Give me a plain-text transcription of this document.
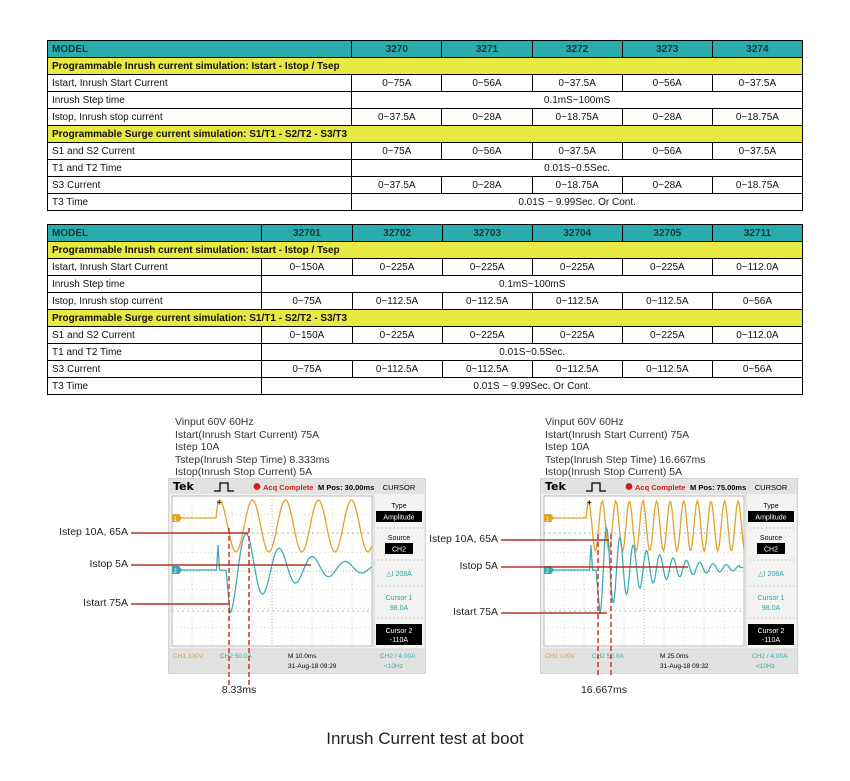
MODEL	3270	3271	3272	3273	3274
Programmable Inrush current simulation: Istart - Istop / Tsep					
Istart, Inrush Start Current	0~75A	0~56A	0~37.5A	0~56A	0~37.5A
Inrush Step time	0.1mS~100mS				
Istop, Inrush stop current	0~37.5A	0~28A	0~18.75A	0~28A	0~18.75A
Programmable Surge current simulation: S1/T1 - S2/T2 - S3/T3					
S1 and S2 Current	0~75A	0~56A	0~37.5A	0~56A	0~37.5A
T1 and T2 Time	0.01S~0.5Sec.				
S3 Current	0~37.5A	0~28A	0~18.75A	0~28A	0~18.75A
T3 Time	0.01S ~ 9.99Sec. Or Cont.				
MODEL	32701	32702	32703	32704	32705	32711
Programmable Inrush current simulation: Istart - Istop / Tsep						
Istart, Inrush Start Current	0~150A	0~225A	0~225A	0~225A	0~225A	0~112.0A
Inrush Step time	0.1mS~100mS					
Istop, Inrush stop current	0~75A	0~112.5A	0~112.5A	0~112.5A	0~112.5A	0~56A
Programmable Surge current simulation: S1/T1 - S2/T2 - S3/T3						
S1 and S2 Current	0~150A	0~225A	0~225A	0~225A	0~225A	0~112.0A
T1 and T2 Time	0.01S~0.5Sec.					
S3 Current	0~75A	0~112.5A	0~112.5A	0~112.5A	0~112.5A	0~56A
T3 Time	0.01S ~ 9.99Sec. Or Cont.					
Vinput 60V 60Hz
Istart(Inrush Start Current) 75A
Istep 10A
Tstep(Inrush Step Time) 8.333ms
Istop(Inrush Stop Current) 5A
Vinput 60V 60Hz
Istart(Inrush Start Current) 75A
Istep 10A
Tstep(Inrush Step Time) 16.667ms
Istop(Inrush Stop Current) 5A
Tek	Acq Complete M Pos: 30.00ms CURSOR
+
1
2
Type
Amplitude
Source
CH2
△I 208A
Cursor 1
98.0A
Cursor 2
-110A
CH1 100V	CH2 50.0A	M 10.0ms
31-Aug-18 09:29
CH2 / 4.00A
<10Hz
Tek	Acq Complete M Pos: 75.00ms CURSOR
+
1
2
Type
Amplitude
Source
CH2
△I 208A
Cursor 1
98.0A
Cursor 2
-110A
CH1 100V	CH2 50.0A	M 25.0ms
31-Aug-18 09:32
CH2 / 4.00A
<10Hz
Istep 10A, 65A
Istop 5A
Istart 75A
8.33ms
Istep 10A, 65A
Istop 5A
Istart 75A
16.667ms
Inrush Current test at boot
